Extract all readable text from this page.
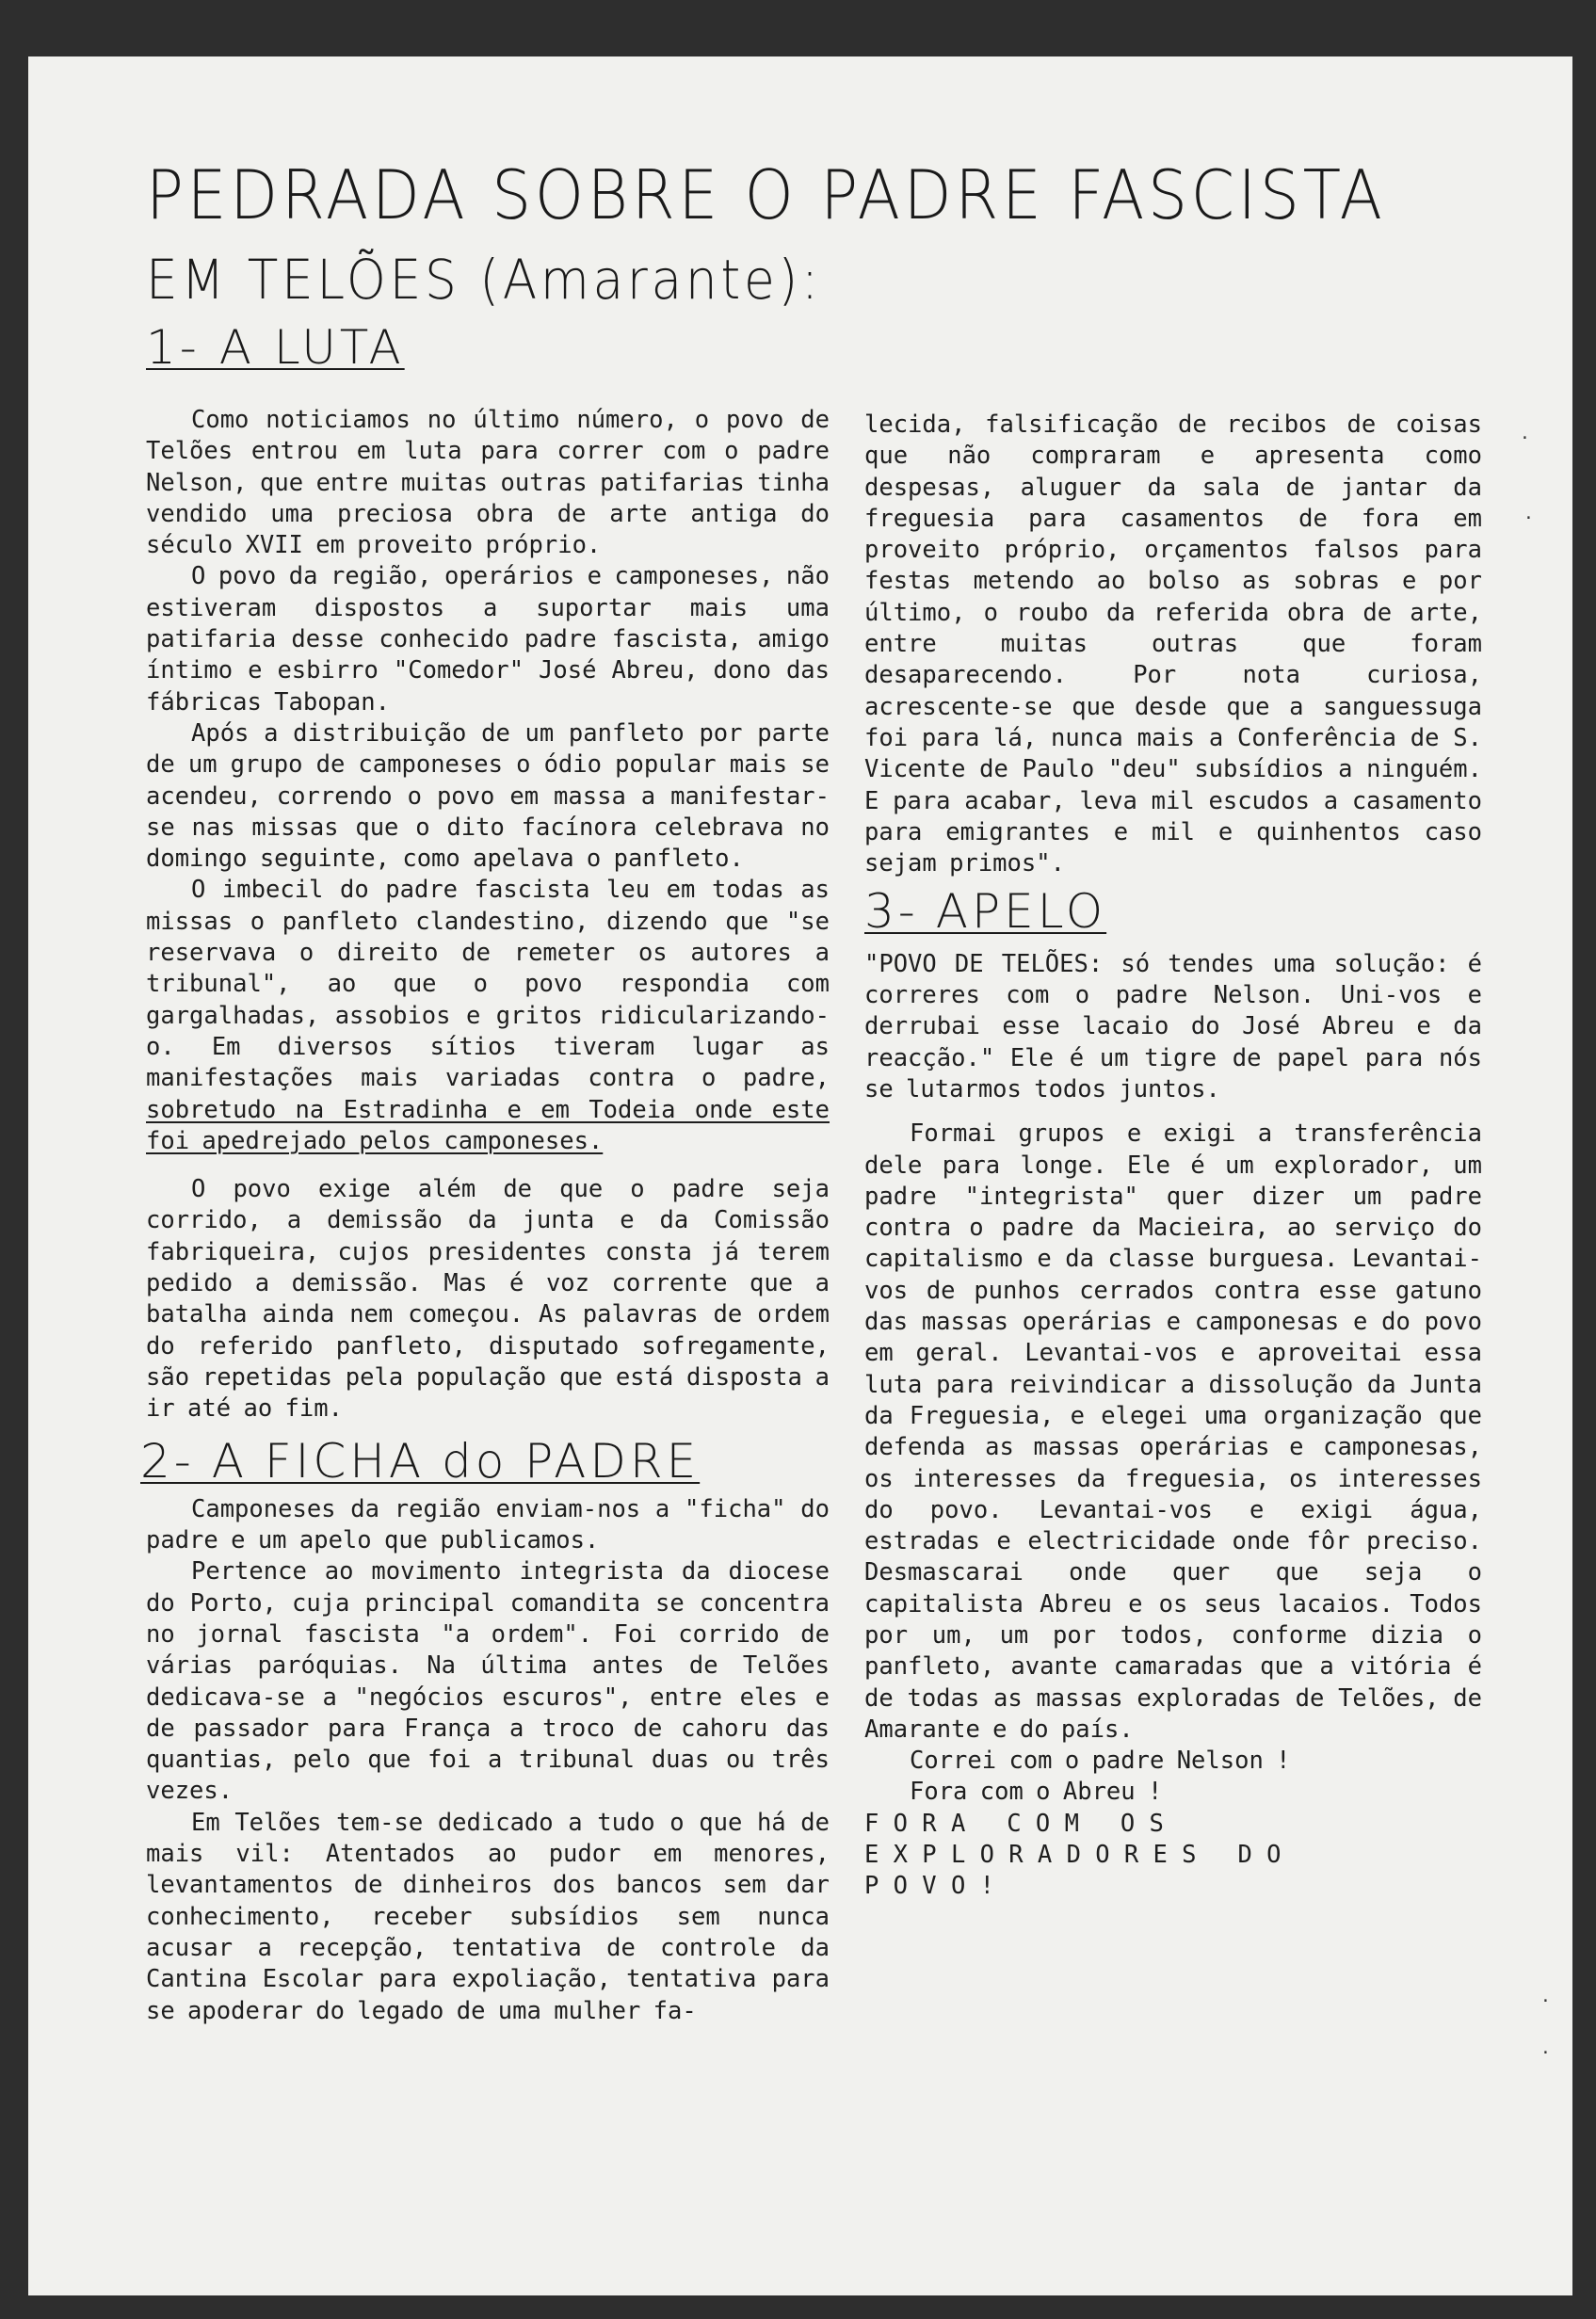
PEDRADA SOBRE O PADRE FASCISTA
EM TELÕES (Amarante):
1- A LUTA

Como noticiamos no último número, o povo de Telões entrou em luta para correr com o padre Nelson, que entre muitas outras patifarias tinha vendido uma preciosa obra de arte antiga do século XVII em proveito próprio.

O povo da região, operários e camponeses, não estiveram dispostos a suportar mais uma patifaria desse conhecido padre fascista, amigo íntimo e esbirro "Comedor" José Abreu, dono das fábricas Tabopan.

Após a distribuição de um panfleto por parte de um grupo de camponeses o ódio popular mais se acendeu, correndo o povo em massa a manifestar-se nas missas que o dito facínora celebrava no domingo seguinte, como apelava o panfleto.

O imbecil do padre fascista leu em todas as missas o panfleto clandestino, dizendo que "se reservava o direito de remeter os autores a tribunal", ao que o povo respondia com gargalhadas, assobios e gritos ridicularizando-o. Em diversos sítios tiveram lugar as manifestações mais variadas contra o padre, sobretudo na Estradinha e em Todeia onde este foi apedrejado pelos camponeses.

O povo exige além de que o padre seja corrido, a demissão da junta e da Comissão fabriqueira, cujos presidentes consta já terem pedido a demissão. Mas é voz corrente que a batalha ainda nem começou. As palavras de ordem do referido panfleto, disputado sofregamente, são repetidas pela população que está disposta a ir até ao fim.

2- A FICHA do PADRE

Camponeses da região enviam-nos a "ficha" do padre e um apelo que publicamos.

Pertence ao movimento integrista da diocese do Porto, cuja principal comandita se concentra no jornal fascista "a ordem". Foi corrido de várias paróquias. Na última antes de Telões dedicava-se a "negócios escuros", entre eles e de passador para França a troco de cahoru das quantias, pelo que foi a tribunal duas ou três vezes.

Em Telões tem-se dedicado a tudo o que há de mais vil: Atentados ao pudor em menores, levantamentos de dinheiros dos bancos sem dar conhecimento, receber subsídios sem nunca acusar a recepção, tentativa de controle da Cantina Escolar para expoliação, tentativa para se apoderar do legado de uma mulher fa-

lecida, falsificação de recibos de coisas que não compraram e apresenta como despesas, aluguer da sala de jantar da freguesia para casamentos de fora em proveito próprio, orçamentos falsos para festas metendo ao bolso as sobras e por último, o roubo da referida obra de arte, entre muitas outras que foram desaparecendo. Por nota curiosa, acrescente-se que desde que a sanguessuga foi para lá, nunca mais a Conferência de S. Vicente de Paulo "deu" subsídios a ninguém. E para acabar, leva mil escudos a casamento para emigrantes e mil e quinhentos caso sejam primos".

3- APELO

"POVO DE TELÕES: só tendes uma solução: é correres com o padre Nelson. Uni-vos e derrubai esse lacaio do José Abreu e da reacção." Ele é um tigre de papel para nós se lutarmos todos juntos.

Formai grupos e exigi a transferência dele para longe. Ele é um explorador, um padre "integrista" quer dizer um padre contra o padre da Macieira, ao serviço do capitalismo e da classe burguesa. Levantai-vos de punhos cerrados contra esse gatuno das massas operárias e camponesas e do povo em geral. Levantai-vos e aproveitai essa luta para reivindicar a dissolução da Junta da Freguesia, e elegei uma organização que defenda as massas operárias e camponesas, os interesses da freguesia, os interesses do povo. Levantai-vos e exigi água, estradas e electricidade onde fôr preciso. Desmascarai onde quer que seja o capitalista Abreu e os seus lacaios. Todos por um, um por todos, conforme dizia o panfleto, avante camaradas que a vitória é de todas as massas exploradas de Telões, de Amarante e do país.

Correi com o padre Nelson !

Fora com o Abreu !

FORA COM OS

EXPLORADORES DO

POVO!

·
·
·
·
